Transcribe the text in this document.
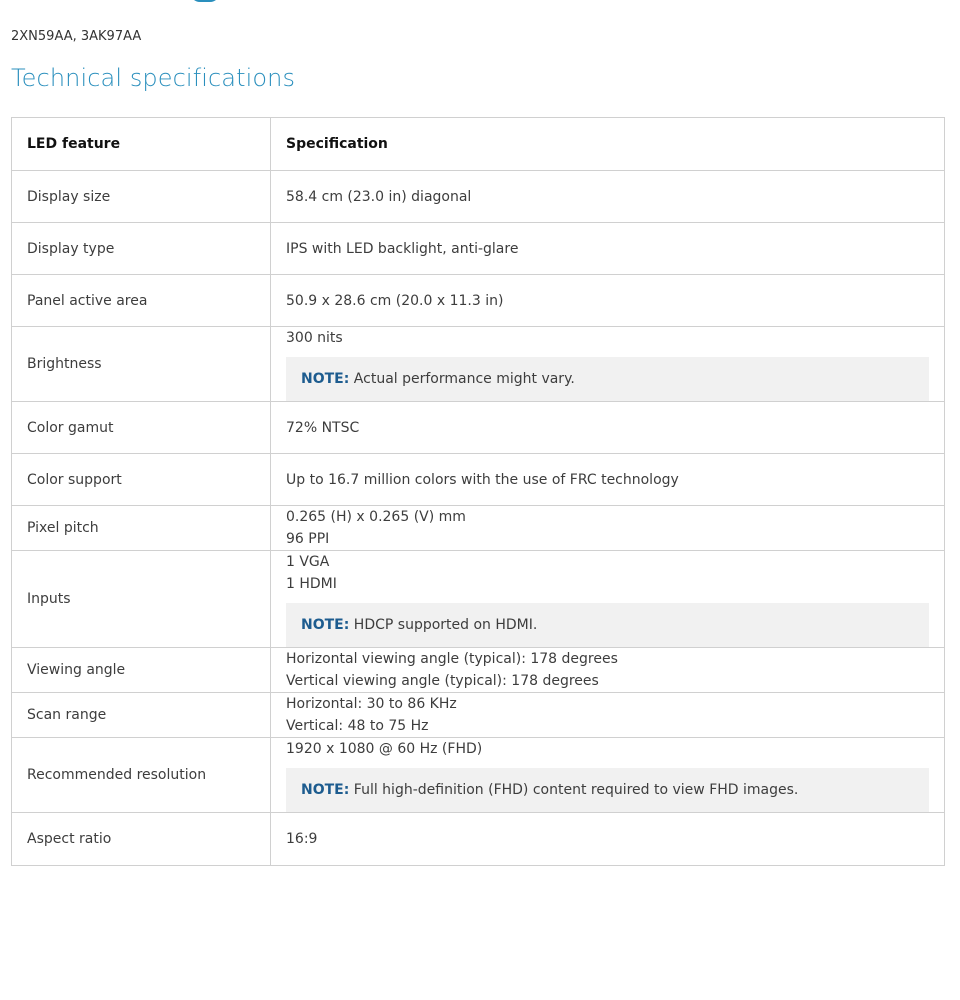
2XN59AA, 3AK97AA
Technical specifications
LED feature	Specification
Display size	58.4 cm (23.0 in) diagonal

Display type	IPS with LED backlight, anti-glare

Panel active area	50.9 x 28.6 cm (20.0 x 11.3 in)

Brightness	300 nits
NOTE: Actual performance might vary.

Color gamut	72% NTSC

Color support	Up to 16.7 million colors with the use of FRC technology

Pixel pitch	0.265 (H) x 0.265 (V) mm
96 PPI

Inputs	1 VGA
1 HDMI
NOTE: HDCP supported on HDMI.

Viewing angle	Horizontal viewing angle (typical): 178 degrees
Vertical viewing angle (typical): 178 degrees

Scan range	Horizontal: 30 to 86 KHz
Vertical: 48 to 75 Hz

Recommended resolution	1920 x 1080 @ 60 Hz (FHD)
NOTE: Full high-definition (FHD) content required to view FHD images.

Aspect ratio	16:9
